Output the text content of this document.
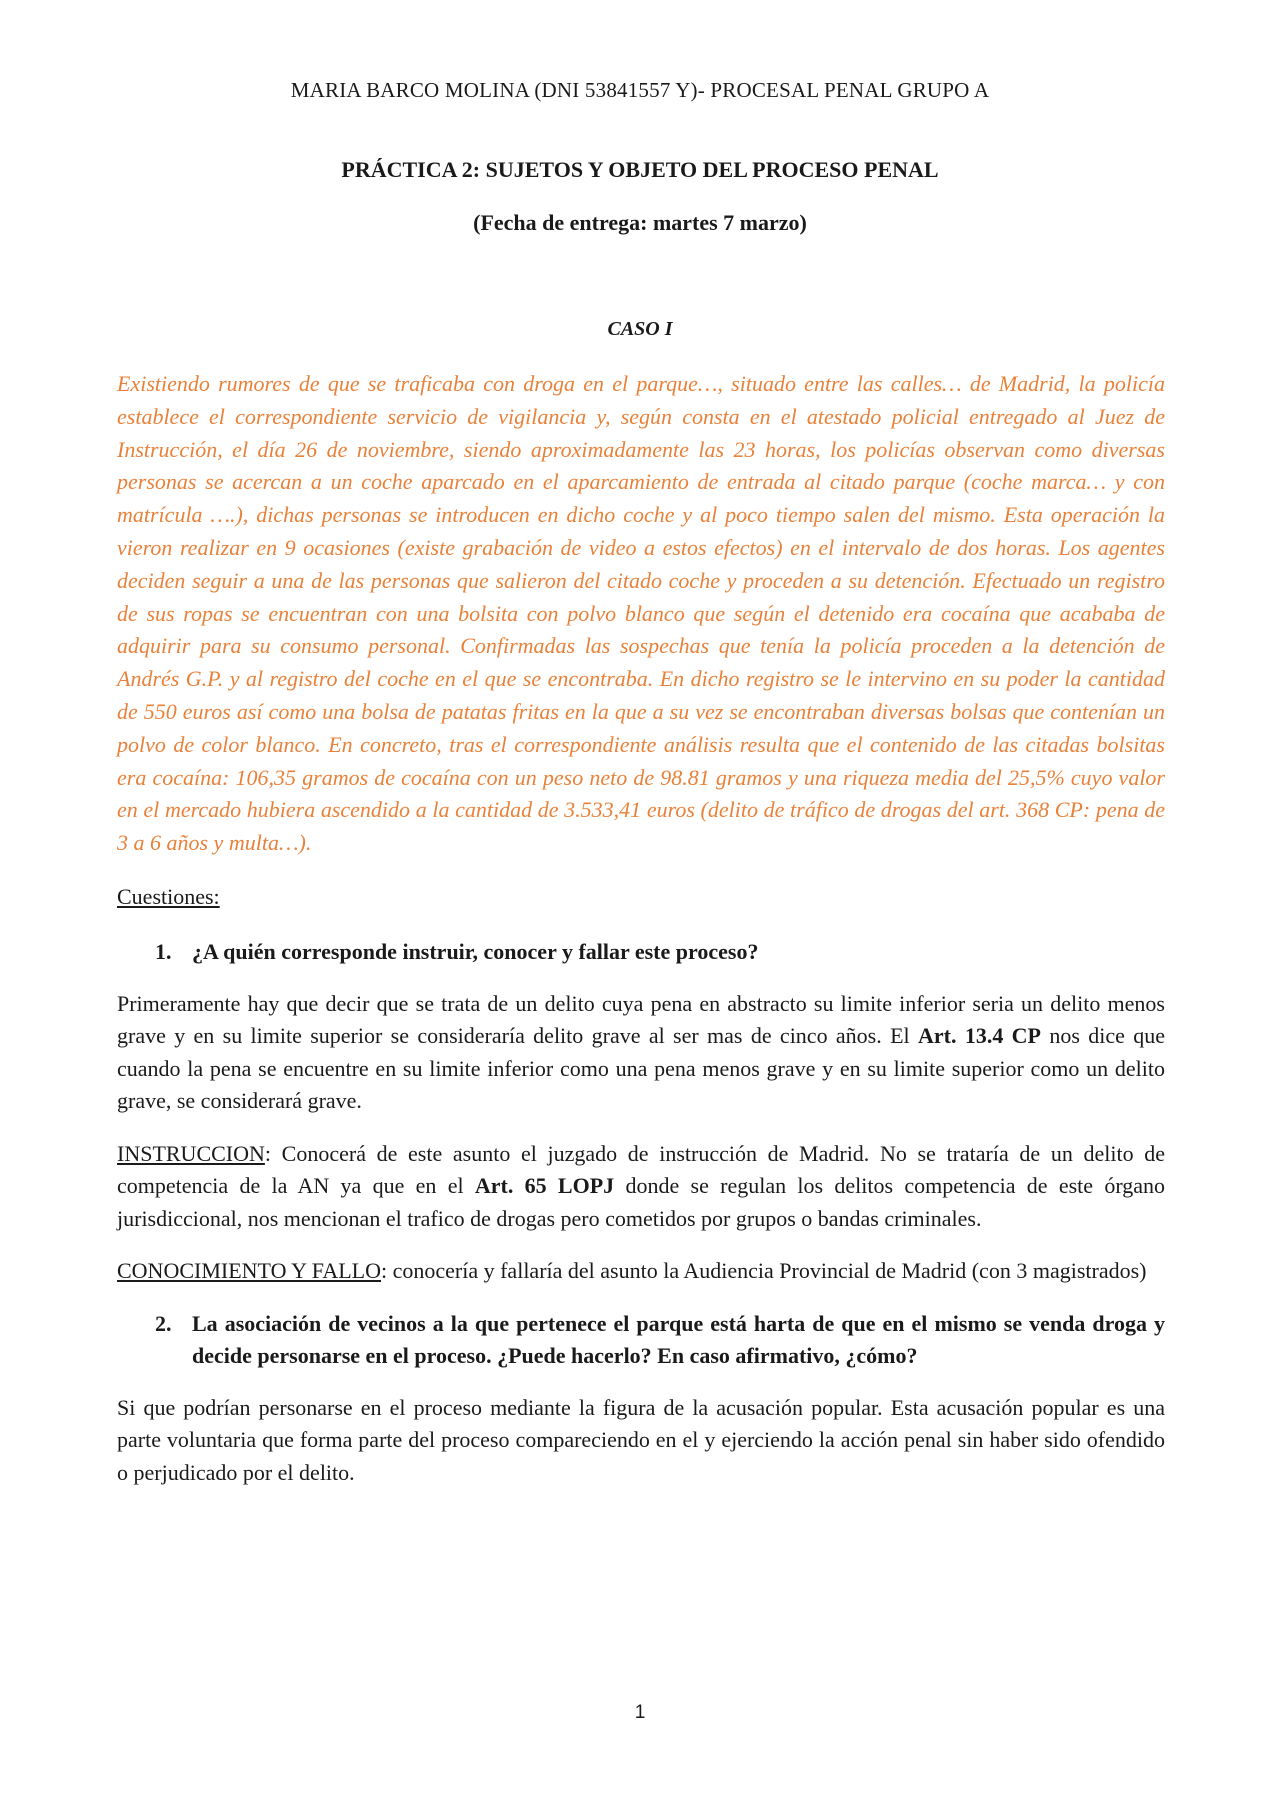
MARIA BARCO MOLINA (DNI 53841557 Y)- PROCESAL PENAL GRUPO A
PRÁCTICA 2: SUJETOS Y OBJETO DEL PROCESO PENAL
(Fecha de entrega: martes 7 marzo)
CASO I

Existiendo rumores de que se traficaba con droga en el parque…, situado entre las calles… de Madrid, la policía establece el correspondiente servicio de vigilancia y, según consta en el atestado policial entregado al Juez de Instrucción, el día 26 de noviembre, siendo aproximadamente las 23 horas, los policías observan como diversas personas se acercan a un coche aparcado en el aparcamiento de entrada al citado parque (coche marca… y con matrícula ….), dichas personas se introducen en dicho coche y al poco tiempo salen del mismo. Esta operación la vieron realizar en 9 ocasiones (existe grabación de video a estos efectos) en el intervalo de dos horas. Los agentes deciden seguir a una de las personas que salieron del citado coche y proceden a su detención. Efectuado un registro de sus ropas se encuentran con una bolsita con polvo blanco que según el detenido era cocaína que acababa de adquirir para su consumo personal. Confirmadas las sospechas que tenía la policía proceden a la detención de Andrés G.P. y al registro del coche en el que se encontraba. En dicho registro se le intervino en su poder la cantidad de 550 euros así como una bolsa de patatas fritas en la que a su vez se encontraban diversas bolsas que contenían un polvo de color blanco. En concreto, tras el correspondiente análisis resulta que el contenido de las citadas bolsitas era cocaína: 106,35 gramos de cocaína con un peso neto de 98.81 gramos y una riqueza media del 25,5% cuyo valor en el mercado hubiera ascendido a la cantidad de 3.533,41 euros (delito de tráfico de drogas del art. 368 CP: pena de 3 a 6 años y multa…).

Cuestiones:

1. ¿A quién corresponde instruir, conocer y fallar este proceso?

Primeramente hay que decir que se trata de un delito cuya pena en abstracto su limite inferior seria un delito menos grave y en su limite superior se consideraría delito grave al ser mas de cinco años. El Art. 13.4 CP nos dice que cuando la pena se encuentre en su limite inferior como una pena menos grave y en su limite superior como un delito grave, se considerará grave.

INSTRUCCION: Conocerá de este asunto el juzgado de instrucción de Madrid. No se trataría de un delito de competencia de la AN ya que en el Art. 65 LOPJ donde se regulan los delitos competencia de este órgano jurisdiccional, nos mencionan el trafico de drogas pero cometidos por grupos o bandas criminales.

CONOCIMIENTO Y FALLO: conocería y fallaría del asunto la Audiencia Provincial de Madrid (con 3 magistrados)

2. La asociación de vecinos a la que pertenece el parque está harta de que en el mismo se venda droga y decide personarse en el proceso. ¿Puede hacerlo? En caso afirmativo, ¿cómo?

Si que podrían personarse en el proceso mediante la figura de la acusación popular. Esta acusación popular es una parte voluntaria que forma parte del proceso compareciendo en el y ejerciendo la acción penal sin haber sido ofendido o perjudicado por el delito.

1
